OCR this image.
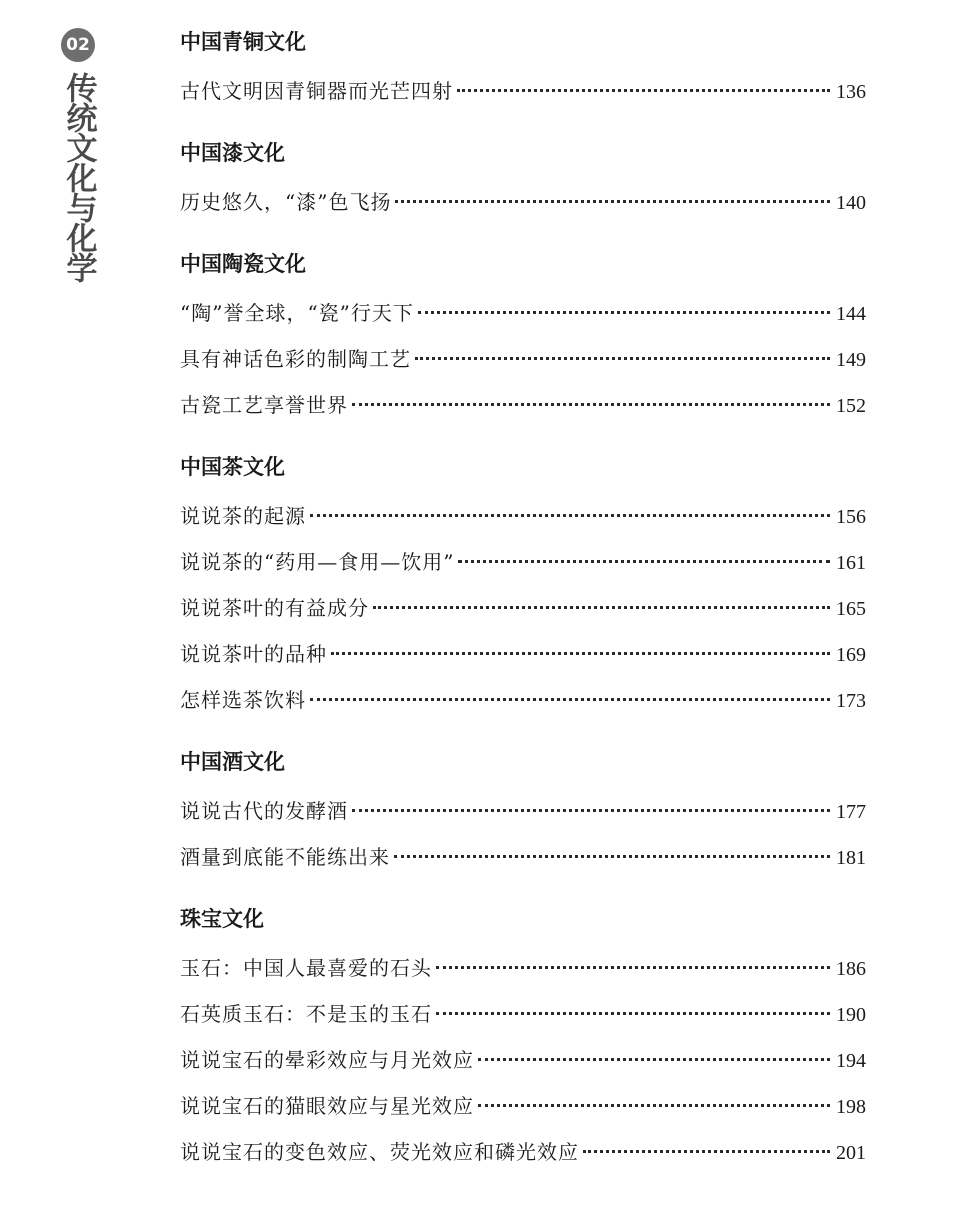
02
传统文化与化学
中国青铜文化
古代文明因青铜器而光芒四射	136
中国漆文化
历史悠久，“漆”色飞扬	140
中国陶瓷文化
“陶”誉全球，“瓷”行天下	144
具有神话色彩的制陶工艺	149
古瓷工艺享誉世界	152
中国茶文化
说说茶的起源	156
说说茶的“药用—食用—饮用”	161
说说茶叶的有益成分	165
说说茶叶的品种	169
怎样选茶饮料	173
中国酒文化
说说古代的发酵酒	177
酒量到底能不能练出来	181
珠宝文化
玉石：中国人最喜爱的石头	186
石英质玉石：不是玉的玉石	190
说说宝石的晕彩效应与月光效应	194
说说宝石的猫眼效应与星光效应	198
说说宝石的变色效应、荧光效应和磷光效应	201
